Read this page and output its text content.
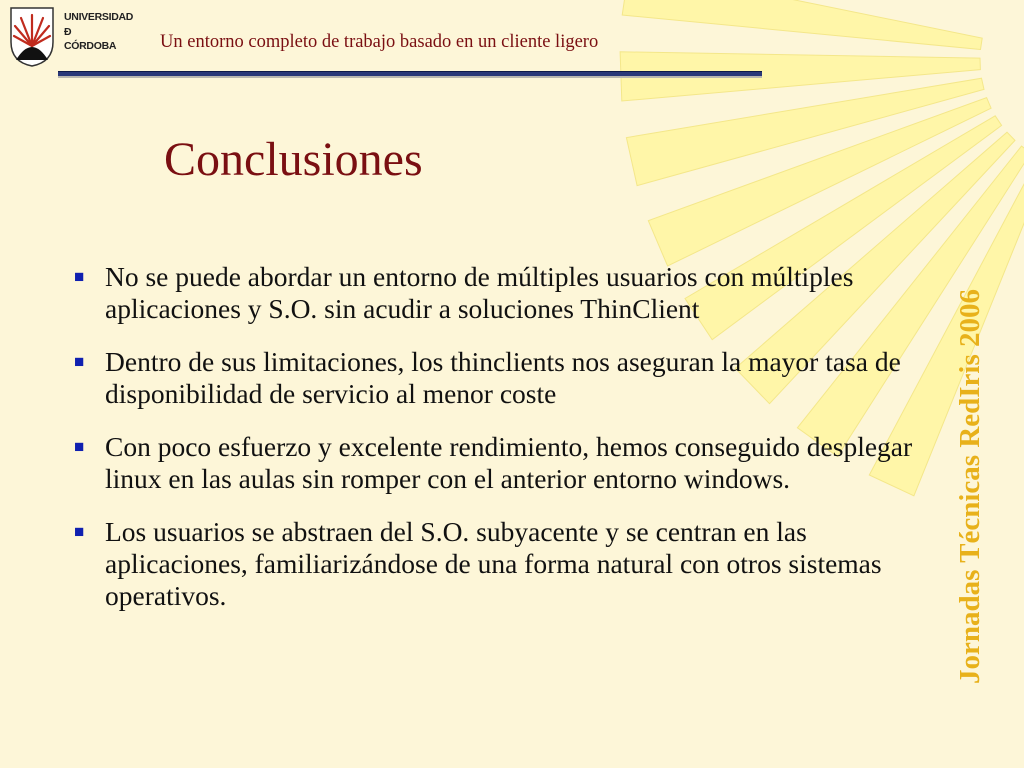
UNIVERSIDAD
Đ
CÓRDOBA	Un entorno completo de trabajo basado en un cliente ligero
Conclusiones
■ No se puede abordar un entorno de múltiples usuarios con múltiples aplicaciones y S.O. sin acudir a soluciones ThinClient
■ Dentro de sus limitaciones, los thinclients nos aseguran la mayor tasa de disponibilidad de servicio al menor coste
■ Con poco esfuerzo y excelente rendimiento, hemos conseguido desplegar linux en las aulas sin romper con el anterior entorno windows.
■ Los usuarios se abstraen del S.O. subyacente y se centran en las aplicaciones, familiarizándose de una forma natural con otros sistemas operativos.	Jornadas Técnicas RedIris 2006
